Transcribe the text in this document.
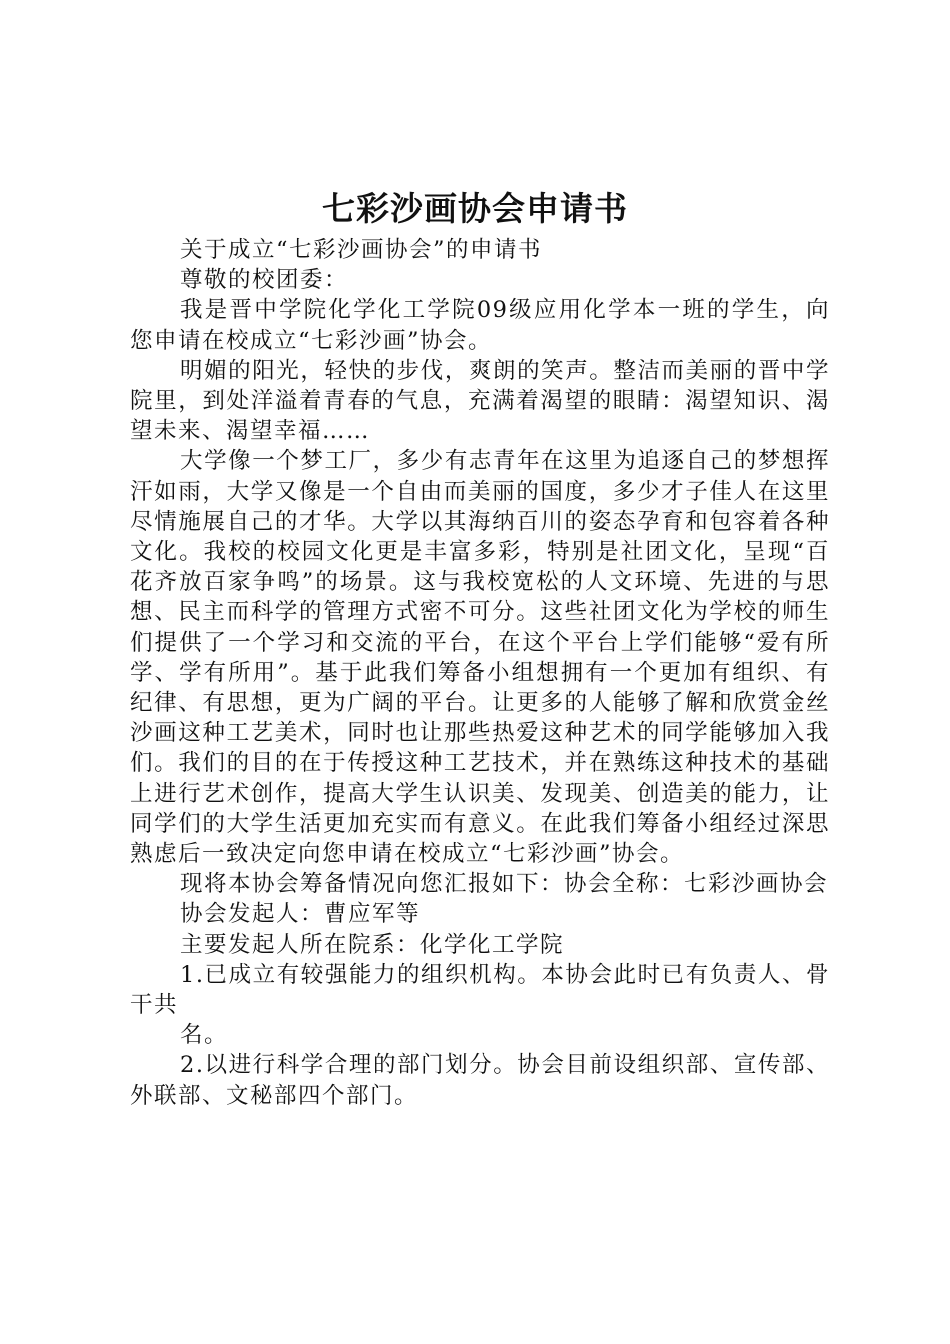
七彩沙画协会申请书

关于成立“七彩沙画协会”的申请书

尊敬的校团委：

我是晋中学院化学化工学院09级应用化学本一班的学生，向您申请在校成立“七彩沙画”协会。

明媚的阳光，轻快的步伐，爽朗的笑声。整洁而美丽的晋中学院里，到处洋溢着青春的气息，充满着渴望的眼睛：渴望知识、渴望未来、渴望幸福……

大学像一个梦工厂，多少有志青年在这里为追逐自己的梦想挥汗如雨，大学又像是一个自由而美丽的国度，多少才子佳人在这里尽情施展自己的才华。大学以其海纳百川的姿态孕育和包容着各种文化。我校的校园文化更是丰富多彩，特别是社团文化，呈现“百花齐放百家争鸣”的场景。这与我校宽松的人文环境、先进的与思想、民主而科学的管理方式密不可分。这些社团文化为学校的师生们提供了一个学习和交流的平台，在这个平台上学们能够“爱有所学、学有所用”。基于此我们筹备小组想拥有一个更加有组织、有纪律、有思想，更为广阔的平台。让更多的人能够了解和欣赏金丝沙画这种工艺美术，同时也让那些热爱这种艺术的同学能够加入我们。我们的目的在于传授这种工艺技术，并在熟练这种技术的基础上进行艺术创作，提高大学生认识美、发现美、创造美的能力，让同学们的大学生活更加充实而有意义。在此我们筹备小组经过深思熟虑后一致决定向您申请在校成立“七彩沙画”协会。

现将本协会筹备情况向您汇报如下：协会全称：七彩沙画协会

协会发起人：曹应军等

主要发起人所在院系：化学化工学院

1.已成立有较强能力的组织机构。本协会此时已有负责人、骨干共

名。

2.以进行科学合理的部门划分。协会目前设组织部、宣传部、外联部、文秘部四个部门。
